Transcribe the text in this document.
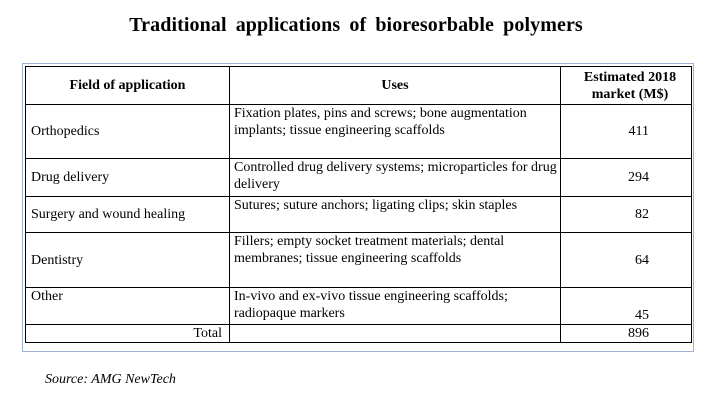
Traditional applications of bioresorbable polymers
Field of application	Uses	Estimated 2018 market (M$)
Orthopedics	Fixation plates, pins and screws; bone augmentation implants; tissue engineering scaffolds	411
Drug delivery	Controlled drug delivery systems; microparticles for drug delivery	294
Surgery and wound healing	Sutures; suture anchors; ligating clips; skin staples	82
Dentistry	Fillers; empty socket treatment materials; dental membranes; tissue engineering scaffolds	64
Other	In-vivo and ex-vivo tissue engineering scaffolds; radiopaque markers	45
Total		896
Source: AMG NewTech
